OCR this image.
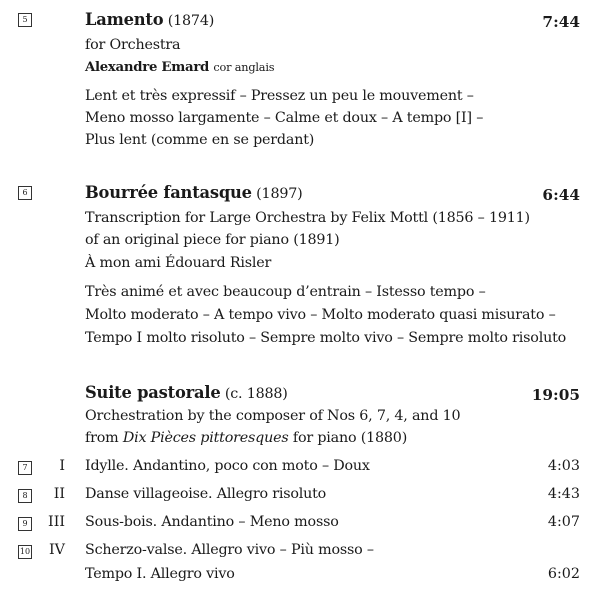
5	Lamento (1874)	7:44
for Orchestra
Alexandre Emard cor anglais
Lent et très expressif – Pressez un peu le mouvement –
Meno mosso largamente – Calme et doux – A tempo [I] –
Plus lent (comme en se perdant)
6	Bourrée fantasque (1897)	6:44
Transcription for Large Orchestra by Felix Mottl (1856 – 1911)
of an original piece for piano (1891)
À mon ami Édouard Risler
Très animé et avec beaucoup d’entrain – Istesso tempo –
Molto moderato – A tempo vivo – Molto moderato quasi misurato –
Tempo I molto risoluto – Sempre molto vivo – Sempre molto risoluto
Suite pastorale (c. 1888)	19:05
Orchestration by the composer of Nos 6, 7, 4, and 10
from Dix Pièces pittoresques for piano (1880)
7	I Idylle. Andantino, poco con moto – Doux	4:03
8	II Danse villageoise. Allegro risoluto	4:43
9	III Sous-bois. Andantino – Meno mosso	4:07
10 IV Scherzo-valse. Allegro vivo – Più mosso –
Tempo I. Allegro vivo	6:02
